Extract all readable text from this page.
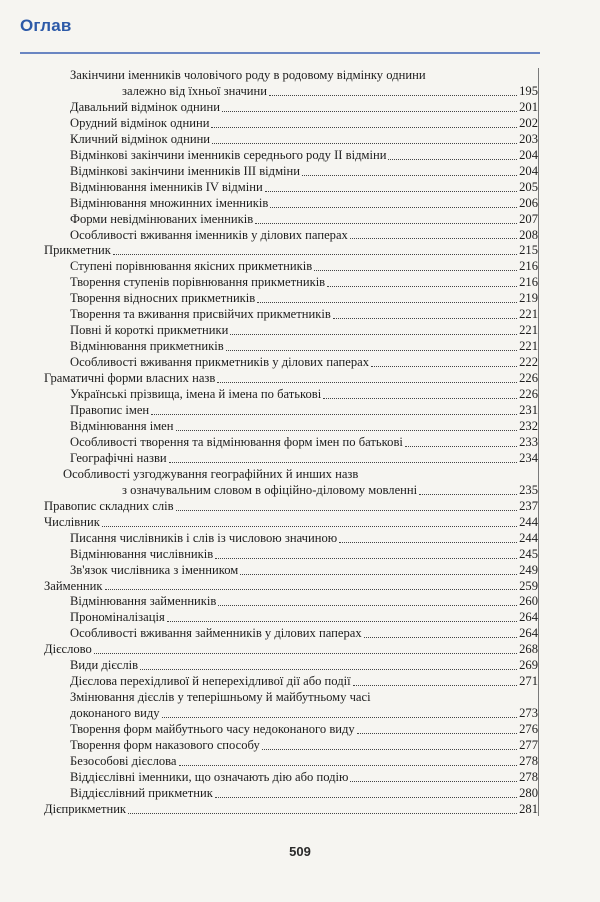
Оглав
Закінчини іменників чоловічого роду в родовому відмінку однини
залежно від їхньої значини	195
Давальний відмінок однини	201
Орудний відмінок однини	202
Кличний відмінок однини	203
Відмінкові закінчини іменників середнього роду ІІ відміни	204
Відмінкові закінчини іменників ІІІ відміни	204
Відмінювання іменників IV відміни	205
Відмінювання множинних іменників	206
Форми невідмінюваних іменників	207
Особливості вживання іменників у ділових паперах	208
Прикметник	215
Ступені порівнювання якісних прикметників	216
Творення ступенів порівнювання прикметників	216
Творення відносних прикметників	219
Творення та вживання присвійчих прикметників	221
Повні й короткі прикметники	221
Відмінювання прикметників	221
Особливості вживання прикметників у ділових паперах	222
Граматичні форми власних назв	226
Українські прізвища, імена й імена по батькові	226
Правопис імен	231
Відмінювання імен	232
Особливості творення та відмінювання форм імен по батькові	233
Географічні назви	234
Особливості узгоджування географійних й инших назв
з означувальним словом в офіційно-діловому мовленні	235
Правопис складних слів	237
Числівник	244
Писання числівників і слів із числовою значиною	244
Відмінювання числівників	245
Зв'язок числівника з іменником	249
Займенник	259
Відмінювання займенників	260
Прономіналізація	264
Особливості вживання займенників у ділових паперах	264
Дієслово	268
Види дієслів	269
Дієслова перехідливої й неперехідливої дії або події	271
Змінювання дієслів у теперішньому й майбутньому часі
доконаного виду	273
Творення форм майбутнього часу недоконаного виду	276
Творення форм наказового способу	277
Безособові дієслова	278
Віддієслівні іменники, що означають дію або подію	278
Віддієслівний прикметник	280
Дієприкметник	281
509
